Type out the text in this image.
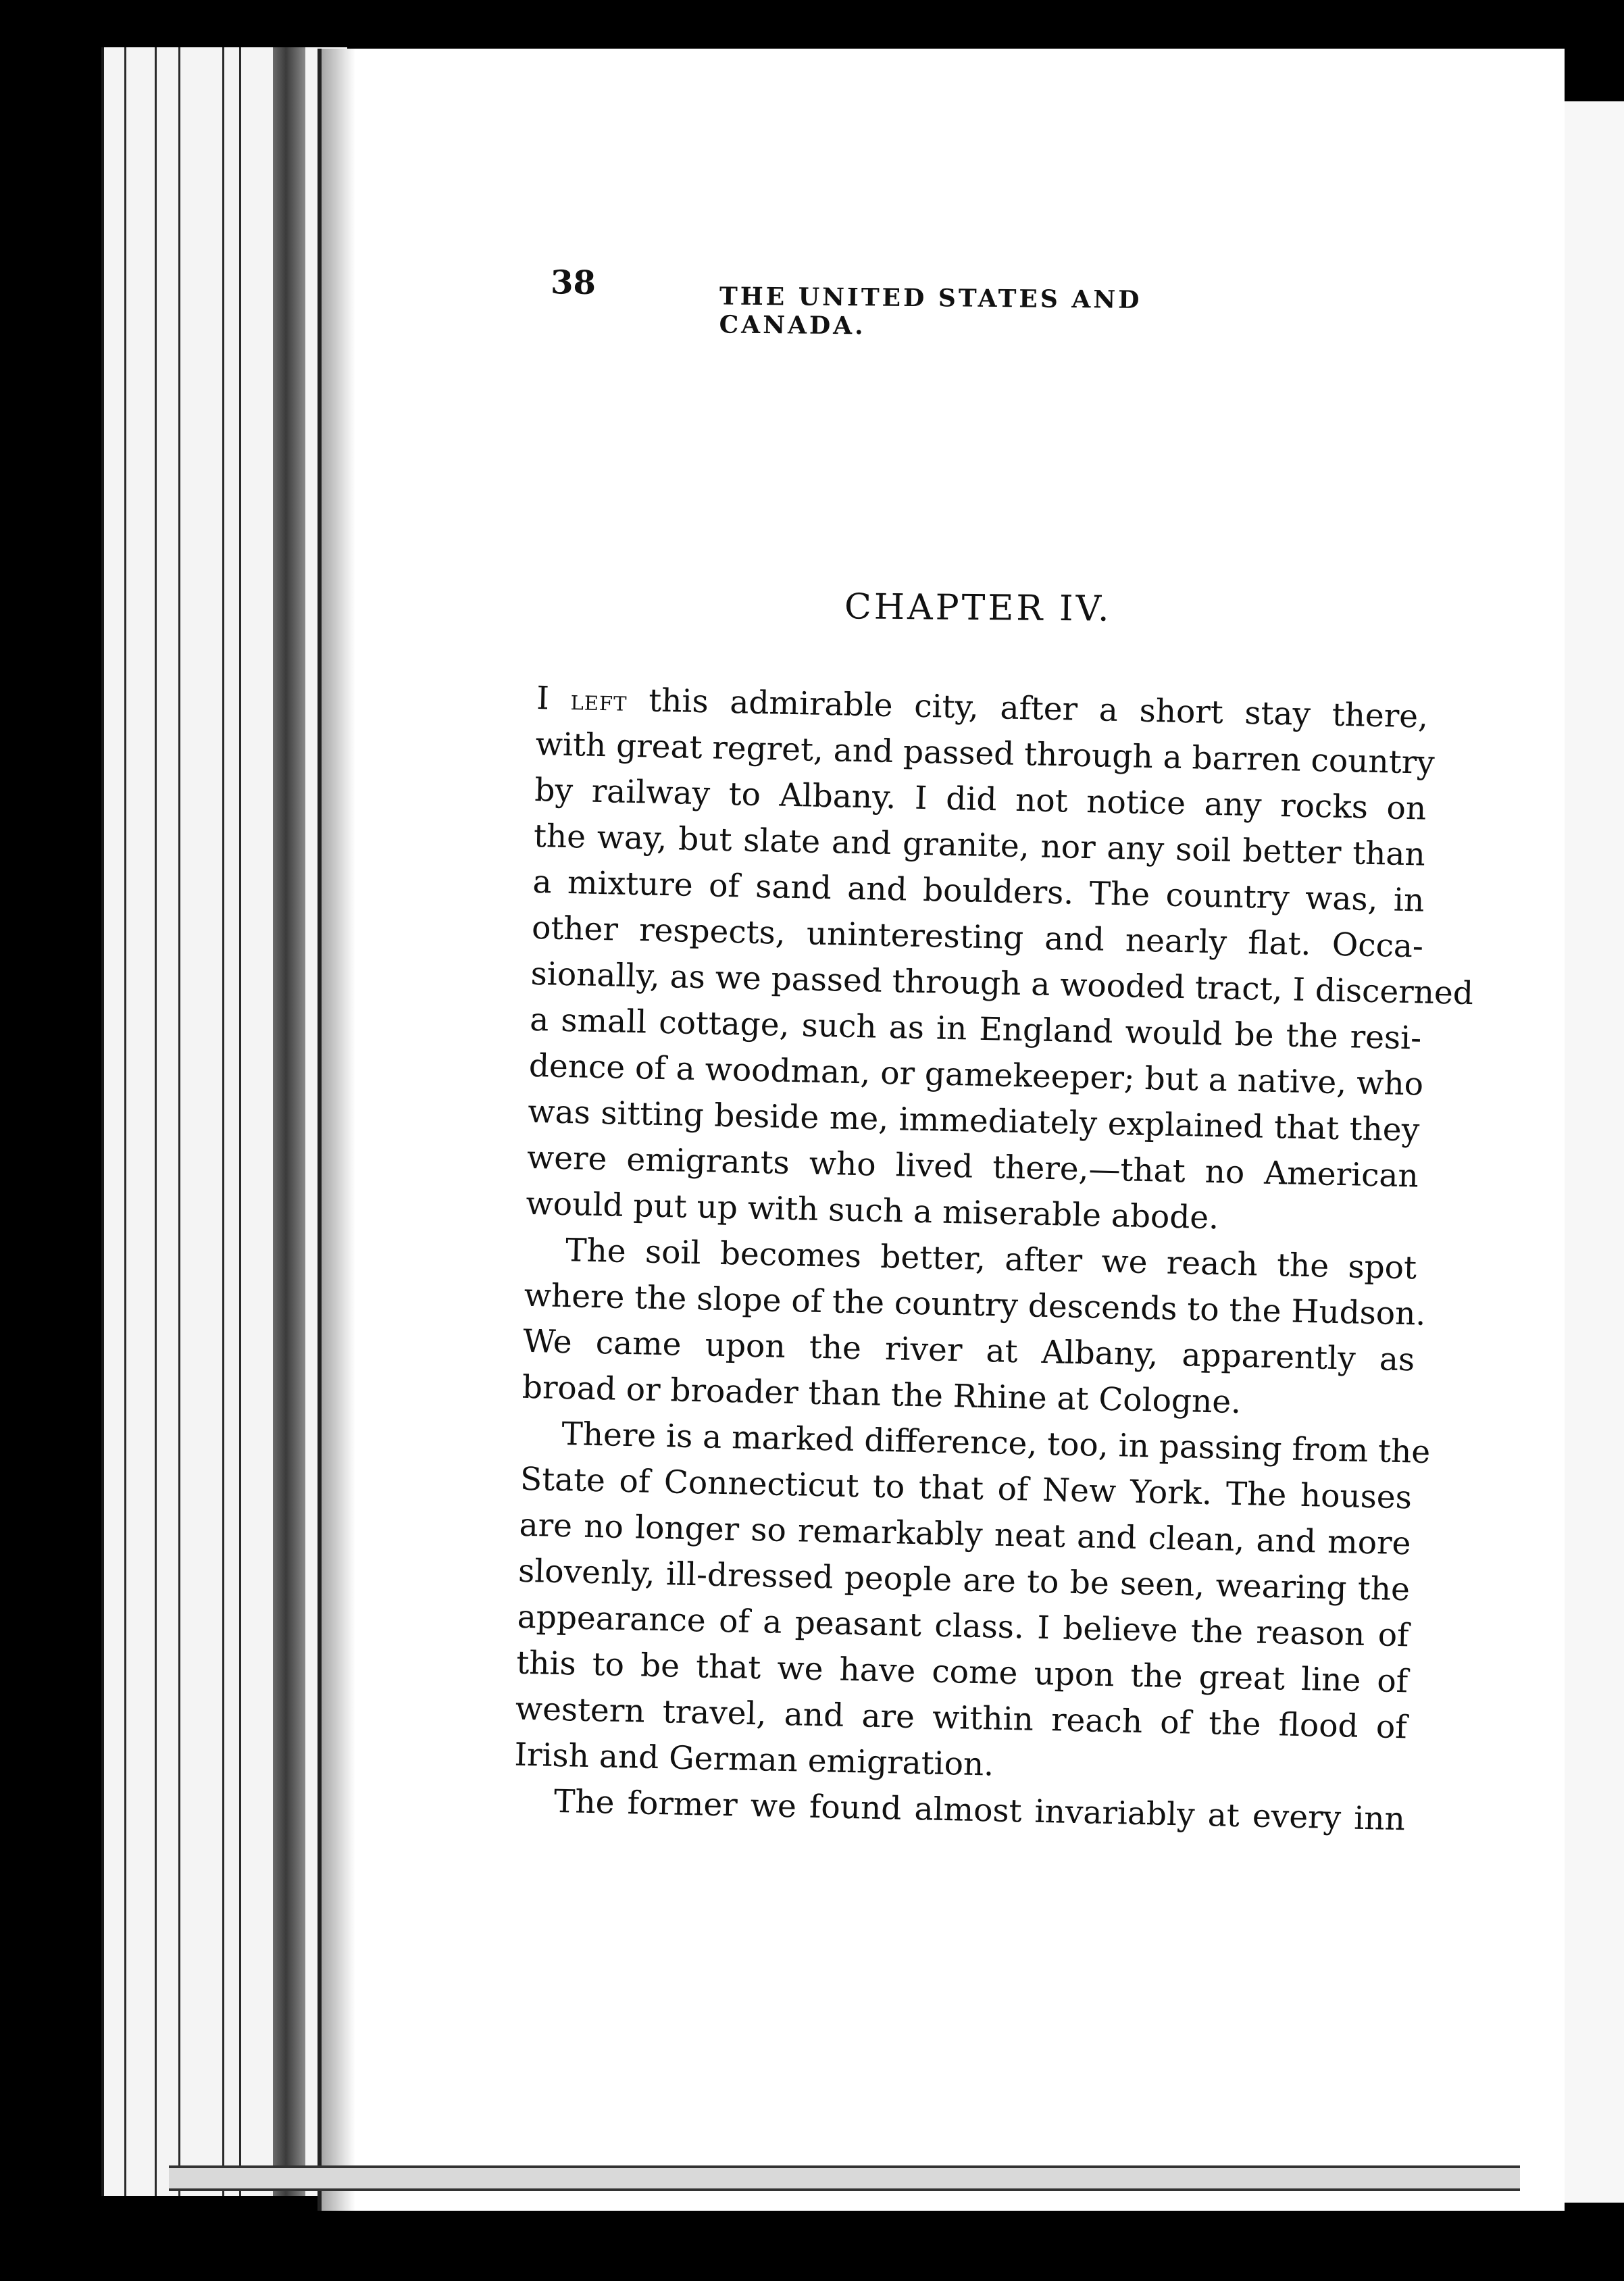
38	THE UNITED STATES AND CANADA.
CHAPTER IV.
I left this admirable city, after a short stay there,
with great regret, and passed through a barren country
by railway to Albany. I did not notice any rocks on
the way, but slate and granite, nor any soil better than
a mixture of sand and boulders. The country was, in
other respects, uninteresting and nearly flat. Occa-
sionally, as we passed through a wooded tract, I discerned
a small cottage, such as in England would be the resi-
dence of a woodman, or gamekeeper; but a native, who
was sitting beside me, immediately explained that they
were emigrants who lived there,—that no American
would put up with such a miserable abode.
The soil becomes better, after we reach the spot
where the slope of the country descends to the Hudson.
We came upon the river at Albany, apparently as
broad or broader than the Rhine at Cologne.
There is a marked difference, too, in passing from the
State of Connecticut to that of New York. The houses
are no longer so remarkably neat and clean, and more
slovenly, ill-dressed people are to be seen, wearing the
appearance of a peasant class. I believe the reason of
this to be that we have come upon the great line of
western travel, and are within reach of the flood of
Irish and German emigration.
The former we found almost invariably at every inn
